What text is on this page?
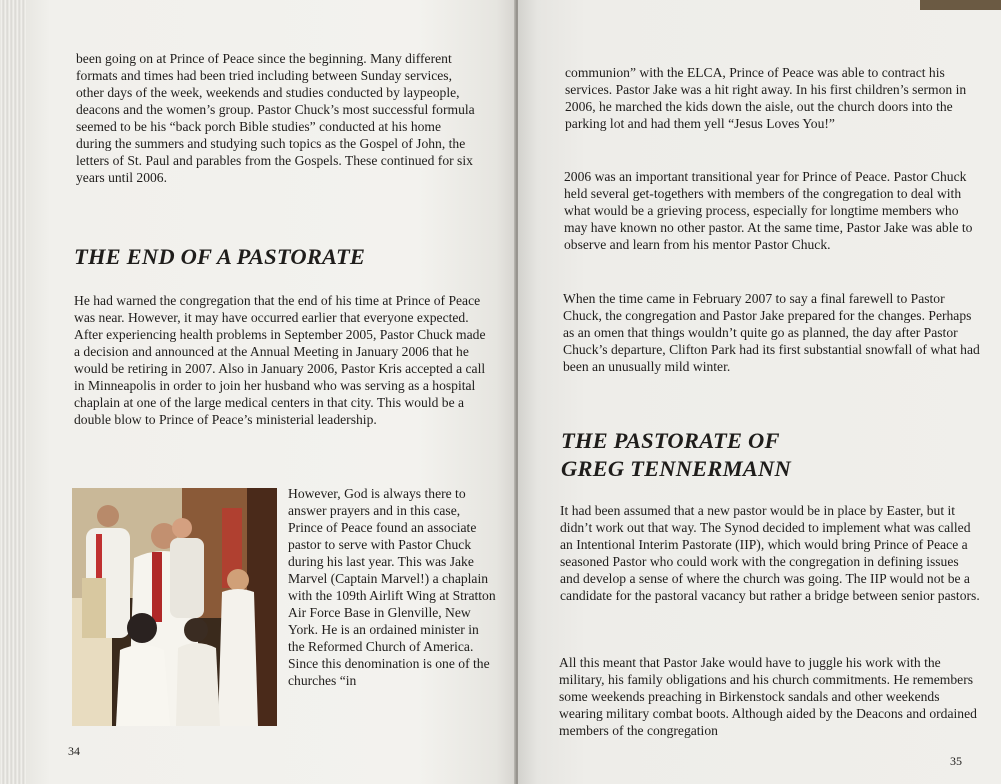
been going on at Prince of Peace since the beginning. Many different formats and times had been tried including between Sunday services, other days of the week, weekends and studies conducted by laypeople, deacons and the women’s group. Pastor Chuck’s most successful formula seemed to be his “back porch Bible studies” conducted at his home during the summers and studying such topics as the Gospel of John, the letters of St. Paul and parables from the Gospels. These continued for six years until 2006.

THE END OF A PASTORATE

He had warned the congregation that the end of his time at Prince of Peace was near. However, it may have occurred earlier that everyone expected. After experiencing health problems in September 2005, Pastor Chuck made a decision and announced at the Annual Meeting in January 2006 that he would be retiring in 2007. Also in January 2006, Pastor Kris accepted a call in Minneapolis in order to join her husband who was serving as a hospital chaplain at one of the large medical centers in that city. This would be a double blow to Prince of Peace’s ministerial leadership.

However, God is always there to answer prayers and in this case, Prince of Peace found an associate pastor to serve with Pastor Chuck during his last year. This was Jake Marvel (Captain Marvel!) a chaplain with the 109th Airlift Wing at Stratton Air Force Base in Glenville, New York. He is an ordained minister in the Reformed Church of America. Since this denomination is one of the churches “in

34

communion” with the ELCA, Prince of Peace was able to contract his services. Pastor Jake was a hit right away. In his first children’s sermon in 2006, he marched the kids down the aisle, out the church doors into the parking lot and had them yell “Jesus Loves You!”

2006 was an important transitional year for Prince of Peace. Pastor Chuck held several get-togethers with members of the congregation to deal with what would be a grieving process, especially for longtime members who may have known no other pastor. At the same time, Pastor Jake was able to observe and learn from his mentor Pastor Chuck.

When the time came in February 2007 to say a final farewell to Pastor Chuck, the congregation and Pastor Jake prepared for the changes. Perhaps as an omen that things wouldn’t quite go as planned, the day after Pastor Chuck’s departure, Clifton Park had its first substantial snowfall of what had been an unusually mild winter.

THE PASTORATE OF
GREG TENNERMANN

It had been assumed that a new pastor would be in place by Easter, but it didn’t work out that way. The Synod decided to implement what was called an Intentional Interim Pastorate (IIP), which would bring Prince of Peace a seasoned Pastor who could work with the congregation in defining issues and develop a sense of where the church was going. The IIP would not be a candidate for the pastoral vacancy but rather a bridge between senior pastors.

All this meant that Pastor Jake would have to juggle his work with the military, his family obligations and his church commitments. He remembers some weekends preaching in Birkenstock sandals and other weekends wearing military combat boots. Although aided by the Deacons and ordained members of the congregation

35
